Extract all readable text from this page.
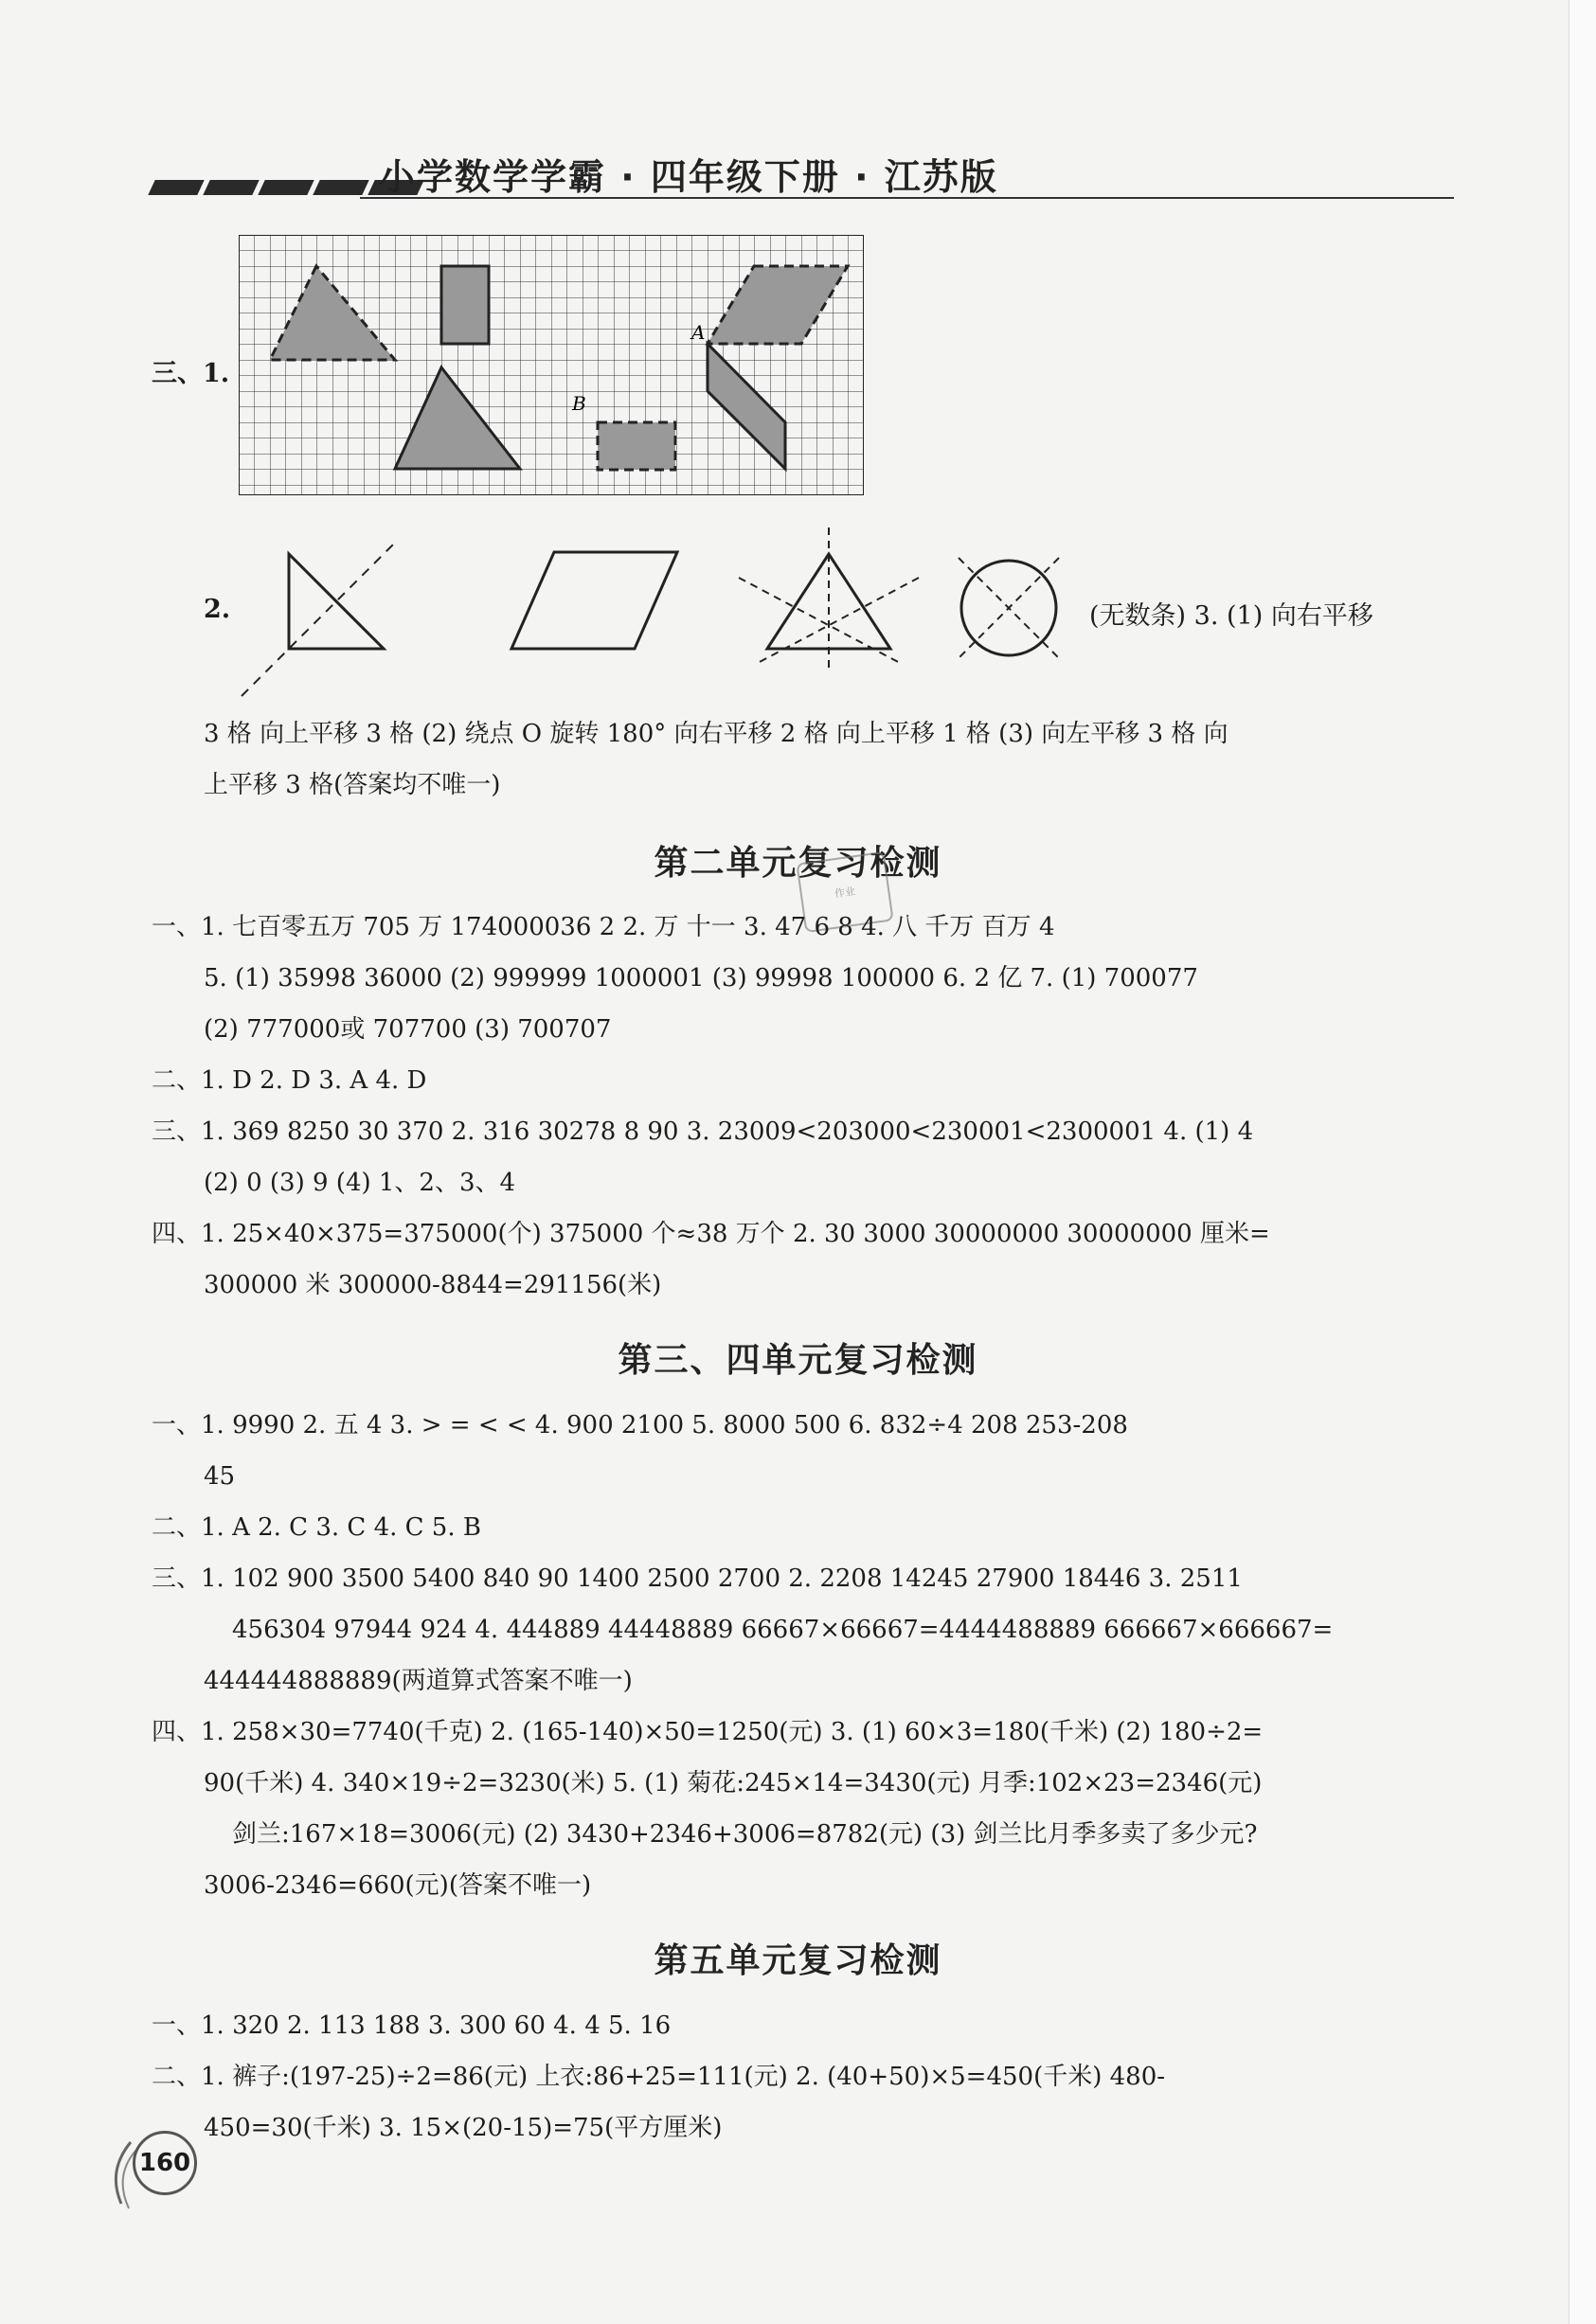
小学数学学霸 · 四年级下册 · 江苏版
三、1.
A
B
2.	(无数条) 3. (1) 向右平移
3 格 向上平移 3 格 (2) 绕点 O 旋转 180° 向右平移 2 格 向上平移 1 格 (3) 向左平移 3 格 向
上平移 3 格(答案均不唯一)
第二单元复习检测
作业
一、1. 七百零五万 705 万 174000036 2 2. 万 十一 3. 47 6 8 4. 八 千万 百万 4
5. (1) 35998 36000 (2) 999999 1000001 (3) 99998 100000 6. 2 亿 7. (1) 700077
(2) 777000或 707700 (3) 700707
二、1. D 2. D 3. A 4. D
三、1. 369 8250 30 370 2. 316 30278 8 90 3. 23009<203000<230001<2300001 4. (1) 4
(2) 0 (3) 9 (4) 1、2、3、4
四、1. 25×40×375=375000(个) 375000 个≈38 万个 2. 30 3000 30000000 30000000 厘米=
300000 米 300000-8844=291156(米)
第三、四单元复习检测
一、1. 9990 2. 五 4 3. > = < < 4. 900 2100 5. 8000 500 6. 832÷4 208 253-208
45
二、1. A 2. C 3. C 4. C 5. B
三、1. 102 900 3500 5400 840 90 1400 2500 2700 2. 2208 14245 27900 18446 3. 2511
456304 97944 924 4. 444889 44448889 66667×66667=4444488889 666667×666667=
444444888889(两道算式答案不唯一)
四、1. 258×30=7740(千克) 2. (165-140)×50=1250(元) 3. (1) 60×3=180(千米) (2) 180÷2=
90(千米) 4. 340×19÷2=3230(米) 5. (1) 菊花:245×14=3430(元) 月季:102×23=2346(元)
剑兰:167×18=3006(元) (2) 3430+2346+3006=8782(元) (3) 剑兰比月季多卖了多少元?
3006-2346=660(元)(答案不唯一)
第五单元复习检测
一、1. 320 2. 113 188 3. 300 60 4. 4 5. 16
二、1. 裤子:(197-25)÷2=86(元) 上衣:86+25=111(元) 2. (40+50)×5=450(千米) 480-
450=30(千米) 3. 15×(20-15)=75(平方厘米)
160
